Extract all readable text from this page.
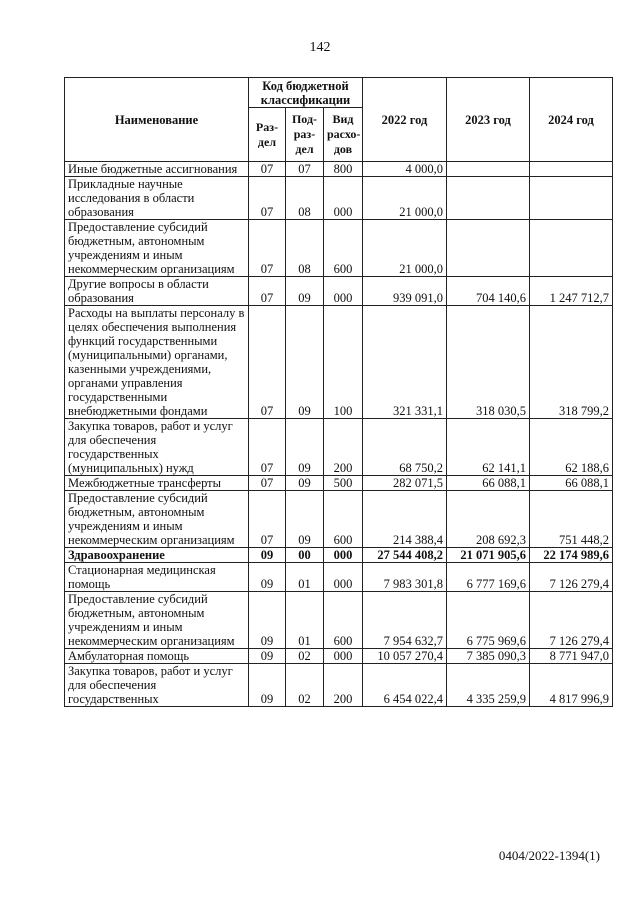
142
Наименование	Код бюджетной классификации			2022 год	2023 год	2024 год
	Раз- дел	Под- раз- дел	Вид расхо- дов			
Иные бюджетные ассигнования	07	07	800	4 000,0		
Прикладные научные исследования в области образования	07	08	000	21 000,0		
Предоставление субсидий бюджетным, автономным учреждениям и иным некоммерческим организациям	07	08	600	21 000,0		
Другие вопросы в области образования	07	09	000	939 091,0	704 140,6	1 247 712,7
Расходы на выплаты персоналу в целях обеспечения выполнения функций государственными (муниципальными) органами, казенными учреждениями, органами управления государственными внебюджетными фондами	07	09	100	321 331,1	318 030,5	318 799,2
Закупка товаров, работ и услуг для обеспечения государственных (муниципальных) нужд	07	09	200	68 750,2	62 141,1	62 188,6
Межбюджетные трансферты	07	09	500	282 071,5	66 088,1	66 088,1
Предоставление субсидий бюджетным, автономным учреждениям и иным некоммерческим организациям	07	09	600	214 388,4	208 692,3	751 448,2
Здравоохранение	09	00	000	27 544 408,2	21 071 905,6	22 174 989,6
Стационарная медицинская помощь	09	01	000	7 983 301,8	6 777 169,6	7 126 279,4
Предоставление субсидий бюджетным, автономным учреждениям и иным некоммерческим организациям	09	01	600	7 954 632,7	6 775 969,6	7 126 279,4
Амбулаторная помощь	09	02	000	10 057 270,4	7 385 090,3	8 771 947,0
Закупка товаров, работ и услуг для обеспечения государственных	09	02	200	6 454 022,4	4 335 259,9	4 817 996,9
0404/2022-1394(1)
